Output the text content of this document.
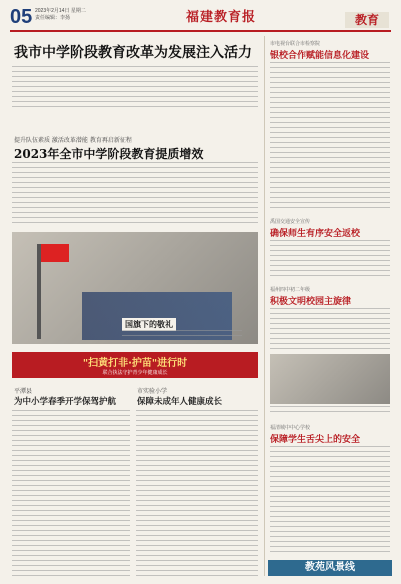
05 2023年2月14日 星期二
责任编辑：李扬	福建教育报	教育
我市中学阶段教育改革为发展注入活力
提升队伍素质 激活改革潜能 教育再启新征程
2023年全市中学阶段教育提质增效
国旗下的敬礼
"扫黄打非·护苗"进行时
联合执法守护青少年健康成长
平潭县
为中小学春季开学保驾护航
市实验小学
保障未成年人健康成长
市电视台联合市检察院
银校合作赋能信息化建设
禹国交通安全宣传
确保师生有序安全返校
福州四中初二年级
积极文明校园主旋律
福清城中中心学校
保障学生舌尖上的安全
教苑风景线
